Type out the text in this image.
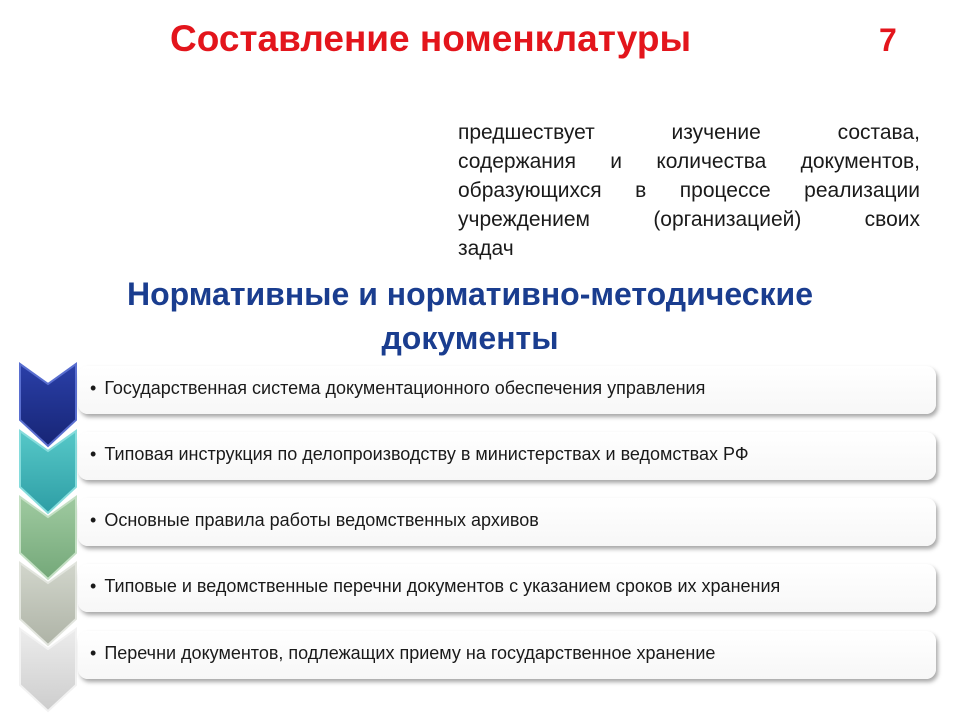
Составление номенклатуры	7
предшествует изучение состава,
содержания и количества документов,
образующихся в процессе реализации
учреждением (организацией) своих
задач
Нормативные и нормативно-методические
документы
• Государственная система документационного обеспечения управления
• Типовая инструкция по делопроизводству в министерствах и ведомствах РФ
• Основные правила работы ведомственных архивов
• Типовые и ведомственные перечни документов с указанием сроков их хранения
• Перечни документов, подлежащих приему на государственное хранение
